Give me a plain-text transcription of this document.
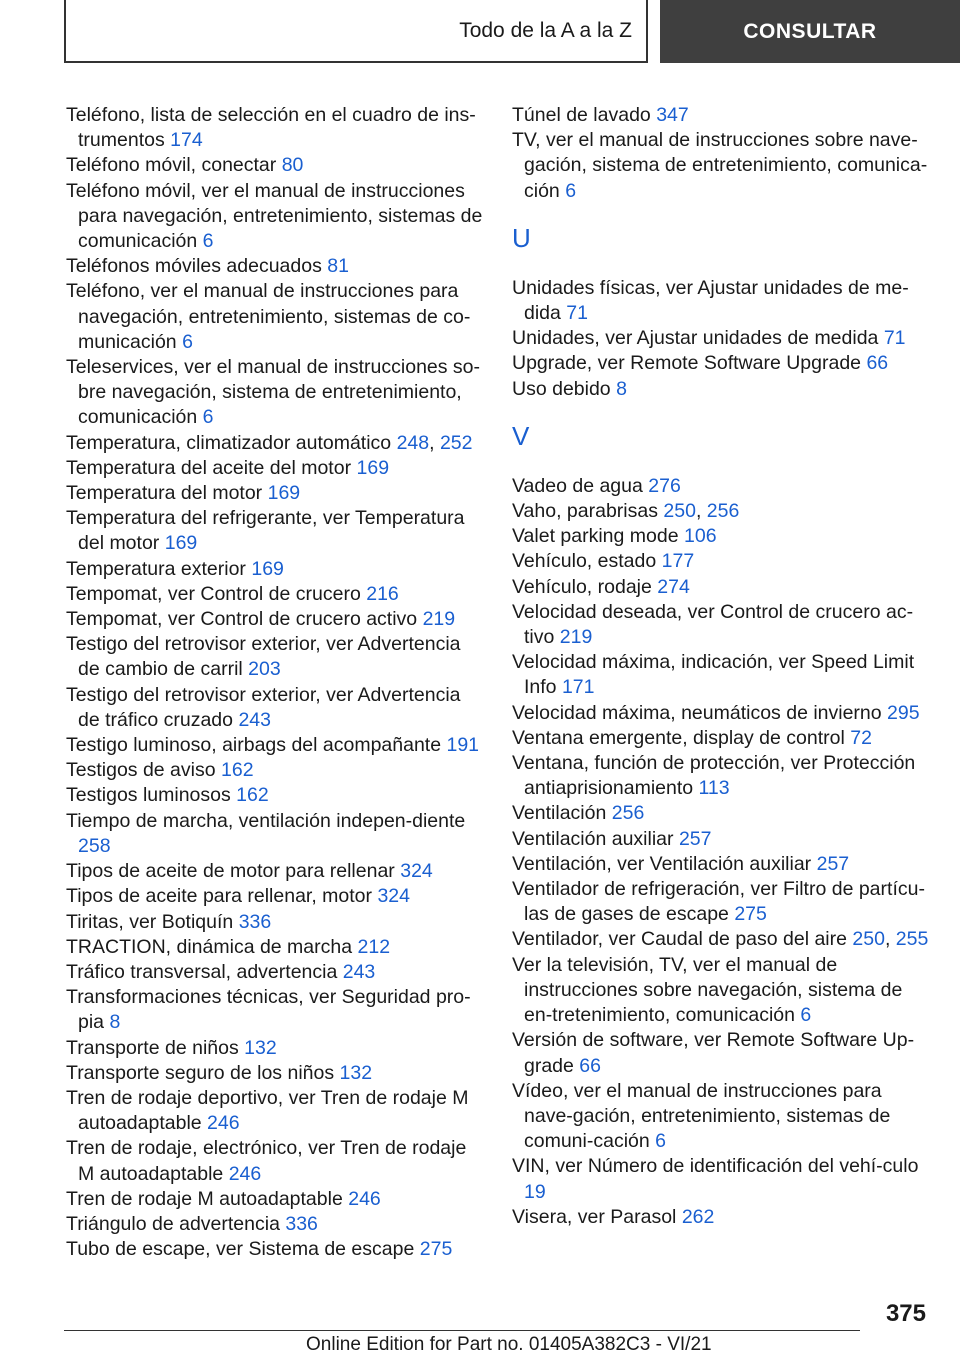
Todo de la A a la Z	CONSULTAR
Teléfono, lista de selección en el cuadro de ins-trumentos 174
Teléfono móvil, conectar 80
Teléfono móvil, ver el manual de instrucciones para navegación, entretenimiento, sistemas de comunicación 6
Teléfonos móviles adecuados 81
Teléfono, ver el manual de instrucciones para navegación, entretenimiento, sistemas de co-municación 6
Teleservices, ver el manual de instrucciones so-bre navegación, sistema de entretenimiento, comunicación 6
Temperatura, climatizador automático 248, 252
Temperatura del aceite del motor 169
Temperatura del motor 169
Temperatura del refrigerante, ver Temperatura del motor 169
Temperatura exterior 169
Tempomat, ver Control de crucero 216
Tempomat, ver Control de crucero activo 219
Testigo del retrovisor exterior, ver Advertencia de cambio de carril 203
Testigo del retrovisor exterior, ver Advertencia de tráfico cruzado 243
Testigo luminoso, airbags del acompañante 191
Testigos de aviso 162
Testigos luminosos 162
Tiempo de marcha, ventilación indepen-diente 258
Tipos de aceite de motor para rellenar 324
Tipos de aceite para rellenar, motor 324
Tiritas, ver Botiquín 336
TRACTION, dinámica de marcha 212
Tráfico transversal, advertencia 243
Transformaciones técnicas, ver Seguridad pro-pia 8
Transporte de niños 132
Transporte seguro de los niños 132
Tren de rodaje deportivo, ver Tren de rodaje M autoadaptable 246
Tren de rodaje, electrónico, ver Tren de rodaje M autoadaptable 246
Tren de rodaje M autoadaptable 246
Triángulo de advertencia 336
Tubo de escape, ver Sistema de escape 275
Túnel de lavado 347
TV, ver el manual de instrucciones sobre nave-gación, sistema de entretenimiento, comunica-ción 6
U
Unidades físicas, ver Ajustar unidades de me-dida 71
Unidades, ver Ajustar unidades de medida 71
Upgrade, ver Remote Software Upgrade 66
Uso debido 8
V
Vadeo de agua 276
Vaho, parabrisas 250, 256
Valet parking mode 106
Vehículo, estado 177
Vehículo, rodaje 274
Velocidad deseada, ver Control de crucero ac-tivo 219
Velocidad máxima, indicación, ver Speed Limit Info 171
Velocidad máxima, neumáticos de invierno 295
Ventana emergente, display de control 72
Ventana, función de protección, ver Protección antiaprisionamiento 113
Ventilación 256
Ventilación auxiliar 257
Ventilación, ver Ventilación auxiliar 257
Ventilador de refrigeración, ver Filtro de partícu-las de gases de escape 275
Ventilador, ver Caudal de paso del aire 250, 255
Ver la televisión, TV, ver el manual de instrucciones sobre navegación, sistema de en-tretenimiento, comunicación 6
Versión de software, ver Remote Software Up-grade 66
Vídeo, ver el manual de instrucciones para nave-gación, entretenimiento, sistemas de comuni-cación 6
VIN, ver Número de identificación del vehí-culo 19
Visera, ver Parasol 262
375
Online Edition for Part no. 01405A382C3 - VI/21
